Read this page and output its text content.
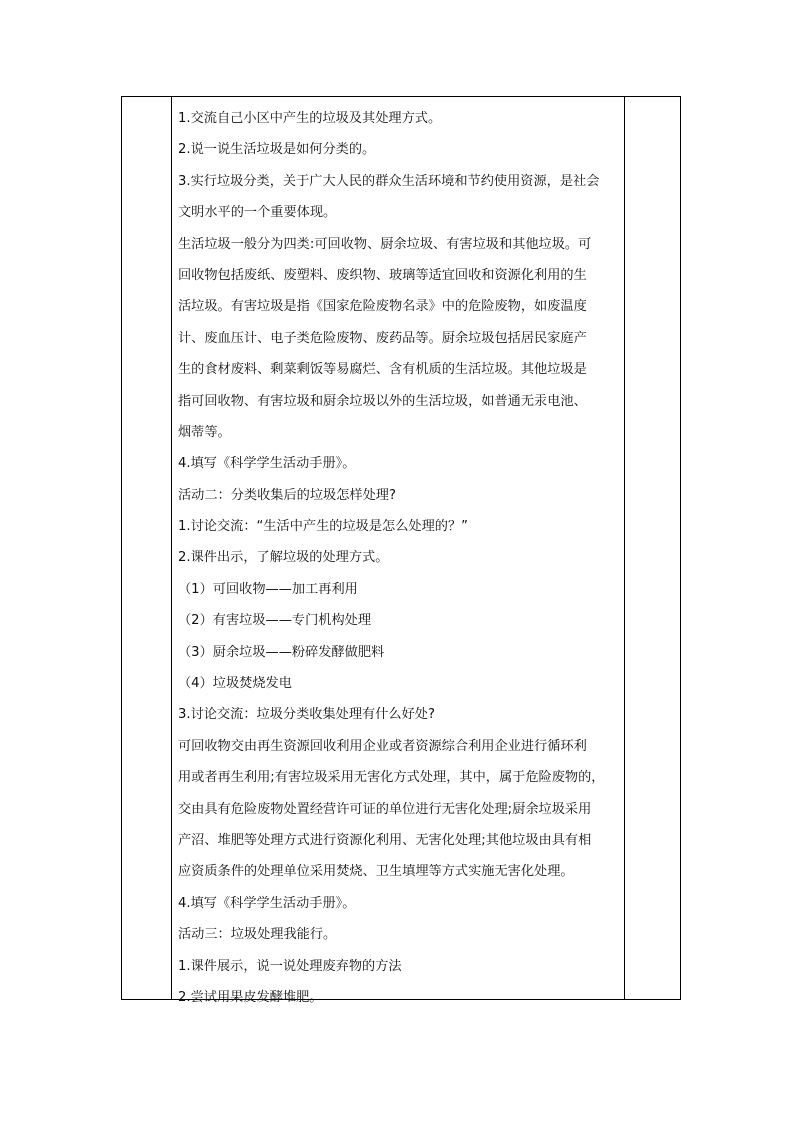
1.交流自己小区中产生的垃圾及其处理方式。
2.说一说生活垃圾是如何分类的。
3.实行垃圾分类，关于广大人民的群众生活环境和节约使用资源，是社会
文明水平的一个重要体现。
生活垃圾一般分为四类:可回收物、厨余垃圾、有害垃圾和其他垃圾。可
回收物包括废纸、废塑料、废织物、玻璃等适宜回收和资源化利用的生
活垃圾。有害垃圾是指《国家危险废物名录》中的危险废物，如废温度
计、废血压计、电子类危险废物、废药品等。厨余垃圾包括居民家庭产
生的食材废料、剩菜剩饭等易腐烂、含有机质的生活垃圾。其他垃圾是
指可回收物、有害垃圾和厨余垃圾以外的生活垃圾，如普通无汞电池、
烟蒂等。
4.填写《科学学生活动手册》。
活动二：分类收集后的垃圾怎样处理?
1.讨论交流：“生活中产生的垃圾是怎么处理的？”
2.课件出示，了解垃圾的处理方式。
（1）可回收物——加工再利用
（2）有害垃圾——专门机构处理
（3）厨余垃圾——粉碎发酵做肥料
（4）垃圾焚烧发电
3.讨论交流：垃圾分类收集处理有什么好处?
可回收物交由再生资源回收利用企业或者资源综合利用企业进行循环利
用或者再生利用;有害垃圾采用无害化方式处理，其中，属于危险废物的，
交由具有危险废物处置经营许可证的单位进行无害化处理;厨余垃圾采用
产沼、堆肥等处理方式进行资源化利用、无害化处理;其他垃圾由具有相
应资质条件的处理单位采用焚烧、卫生填埋等方式实施无害化处理。
4.填写《科学学生活动手册》。
活动三：垃圾处理我能行。
1.课件展示，说一说处理废弃物的方法
2.尝试用果皮发酵堆肥。
